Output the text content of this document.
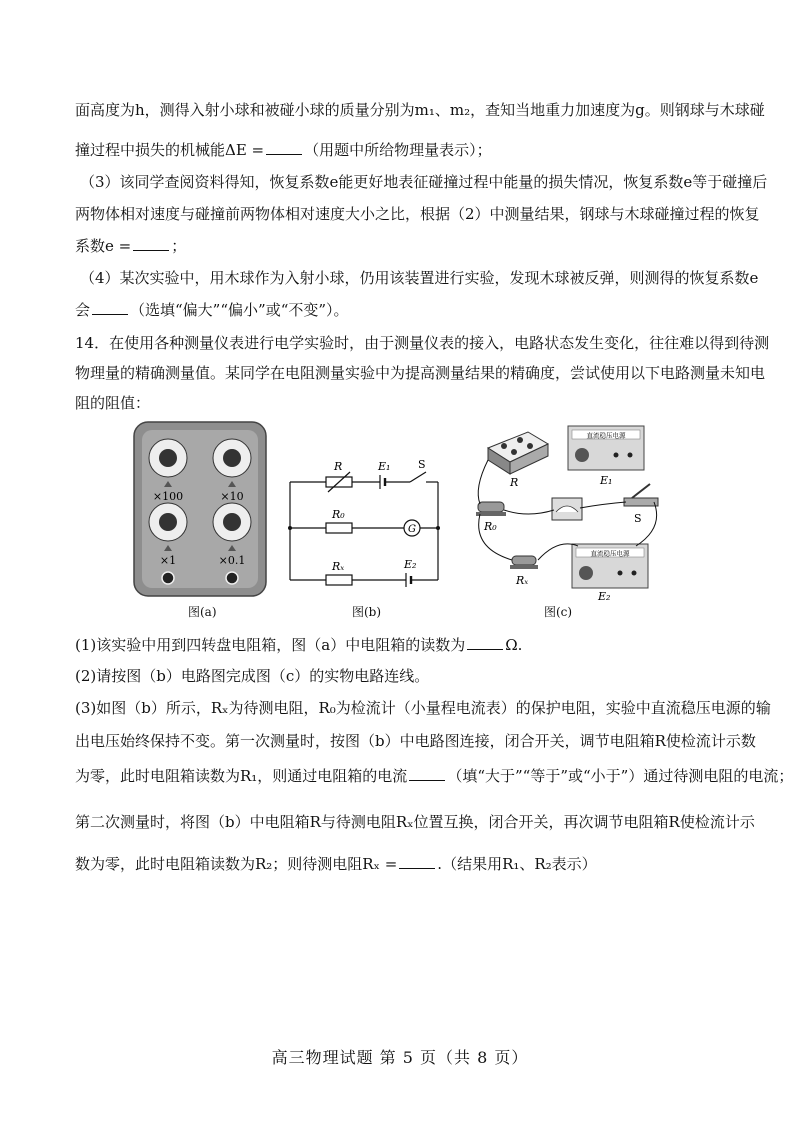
面高度为h，测得入射小球和被碰小球的质量分别为m₁、m₂，查知当地重力加速度为g。则钢球与木球碰
撞过程中损失的机械能ΔE =	（用题中所给物理量表示）；
（3）该同学查阅资料得知，恢复系数e能更好地表征碰撞过程中能量的损失情况，恢复系数e等于碰撞后
两物体相对速度与碰撞前两物体相对速度大小之比，根据（2）中测量结果，钢球与木球碰撞过程的恢复
系数e =	；
（4）某次实验中，用木球作为入射小球，仍用该装置进行实验，发现木球被反弹，则测得的恢复系数e
会	（选填“偏大”“偏小”或“不变”）。
14．在使用各种测量仪表进行电学实验时，由于测量仪表的接入，电路状态发生变化，往往难以得到待测
物理量的精确测量值。某同学在电阻测量实验中为提高测量结果的精确度，尝试使用以下电路测量未知电
阻的阻值：
×100	×10
×1	×0.1
图(a)
R	E₁	S
R₀
G
Rₓ	E₂
图(b)
直流稳压电源
直流稳压电源
R	E₁
S
R₀
Rₓ
E₂
图(c)
(1)该实验中用到四转盘电阻箱，图（a）中电阻箱的读数为	Ω.
(2)请按图（b）电路图完成图（c）的实物电路连线。
(3)如图（b）所示，Rₓ为待测电阻，R₀为检流计（小量程电流表）的保护电阻，实验中直流稳压电源的输
出电压始终保持不变。第一次测量时，按图（b）中电路图连接，闭合开关，调节电阻箱R使检流计示数
为零，此时电阻箱读数为R₁，则通过电阻箱的电流	（填“大于”“等于”或“小于”）通过待测电阻的电流；
第二次测量时，将图（b）中电阻箱R与待测电阻Rₓ位置互换，闭合开关，再次调节电阻箱R使检流计示
数为零，此时电阻箱读数为R₂；则待测电阻Rₓ =	.（结果用R₁、R₂表示）
高三物理试题 第 5 页（共 8 页）
